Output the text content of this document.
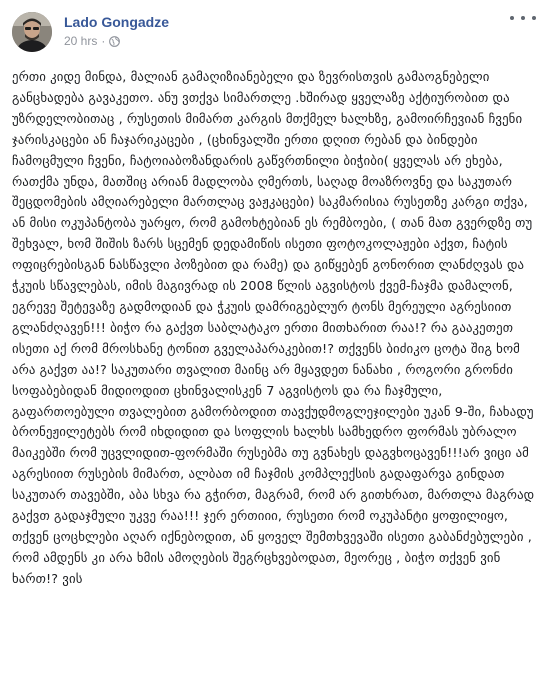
Lado Gongadze
20 hrs ·

ერთი კიდე მინდა, მალიან გამაღიზიანებელი და ზევრისთვის გამაოგნებელი განცხადება გავაკეთო. ანუ ვთქვა სიმართლე .ხშირად ყველაზე აქტიურობით და უზრდელობითაც , რუსეთის მიმართ კარგის მთქმელ ხალხზე, გამოირჩევიან ჩვენი ჯარისკაცები ან ჩაჯარიკაცები , (ცხინვალში ერთი დღით რებან და ბინდები ჩამოცმული ჩვენი, ჩატოიაბოზანდარის გაწვრთნილი ბიჭიბი( ყველას არ ეხება, რათქმა უნდა, მათშიც არიან მადლობა ღმერთს, საღად მოაზროვნე და საკუთარ შეცდომების ამღიარებელი მართლაც ვაჟკაცები) საკმარისია რუსეთზე კარგი თქვა, ან მისი ოკუპანტობა უარყო, რომ გამოხტებიან ეს რემბოები, ( თან მათ გვერდზე თუ შეხვალ, ხომ შიშის ზარს სცემენ დედამიწის ისეთი ფოტოკოლაჟები აქვთ, ჩატის ოფიცრებისგან ნასწავლი პოზებით და რამე) და გიწყებენ გონორით ლანძღვას და ჭკუის სწავლებას, იმის მაგივრად ის 2008 წლის აგვისტოს ქვემ-ჩაჯმა დამალონ, ეგრევე შეტევაზე გადმოდიან და ჭკუის დამრიგებლურ ტონს მერეული აგრესიით გლანძღავენ!!! ბიჭო რა გაქვთ საბლატაკო ერთი მითხარით რაა!? რა გააკეთეთ ისეთი აქ რომ მროსხანე ტონით გველაპარაკებით!? თქვენს ბიძიკო ცოტა შიგ ხომ არა გაქვთ აა!? საკუთარი თვალით მაინც არ მყავდეთ ნანახი , როგორი გრონძი სოფაბებიდან მიდიოდით ცხინვალისკენ 7 აგვისტოს და რა ჩაჯმული, გაფართოებული თვალებით გამორბოდით თავქუდმოგლეჯილები უკან 9-ში, ჩახადუ ბრონეჟილეტებს რომ იხდიდით და სოფლის ხალხს სამხედრო ფორმას უბრალო მაიკებში რომ უცვლიდით-ფორმაში რუსებმა თუ გვნახეს დაგვხოცავენ!!!არ ვიცი ამ აგრესიით რუსების მიმართ, ალბათ იმ ჩაჯმის კომპლექსის გადაფარვა გინდათ საკუთარ თავებში, აბა სხვა რა გჭირთ, მაგრამ, რომ არ გითხრათ, მართლა მაგრად გაქვთ გადაჯმული უკვე რაა!!! ჯერ ერთიიი, რუსეთი რომ ოკუპანტი ყოფილიყო, თქვენ ცოცხლები აღარ იქნებოდით, ან ყოველ შემთხვევაში ისეთი გაბანძებულები , რომ ამდენს კი არა ხმის ამოღების შეგრცხვებოდათ, მეორეც , ბიჭო თქვენ ვინ ხართ!? ვის
